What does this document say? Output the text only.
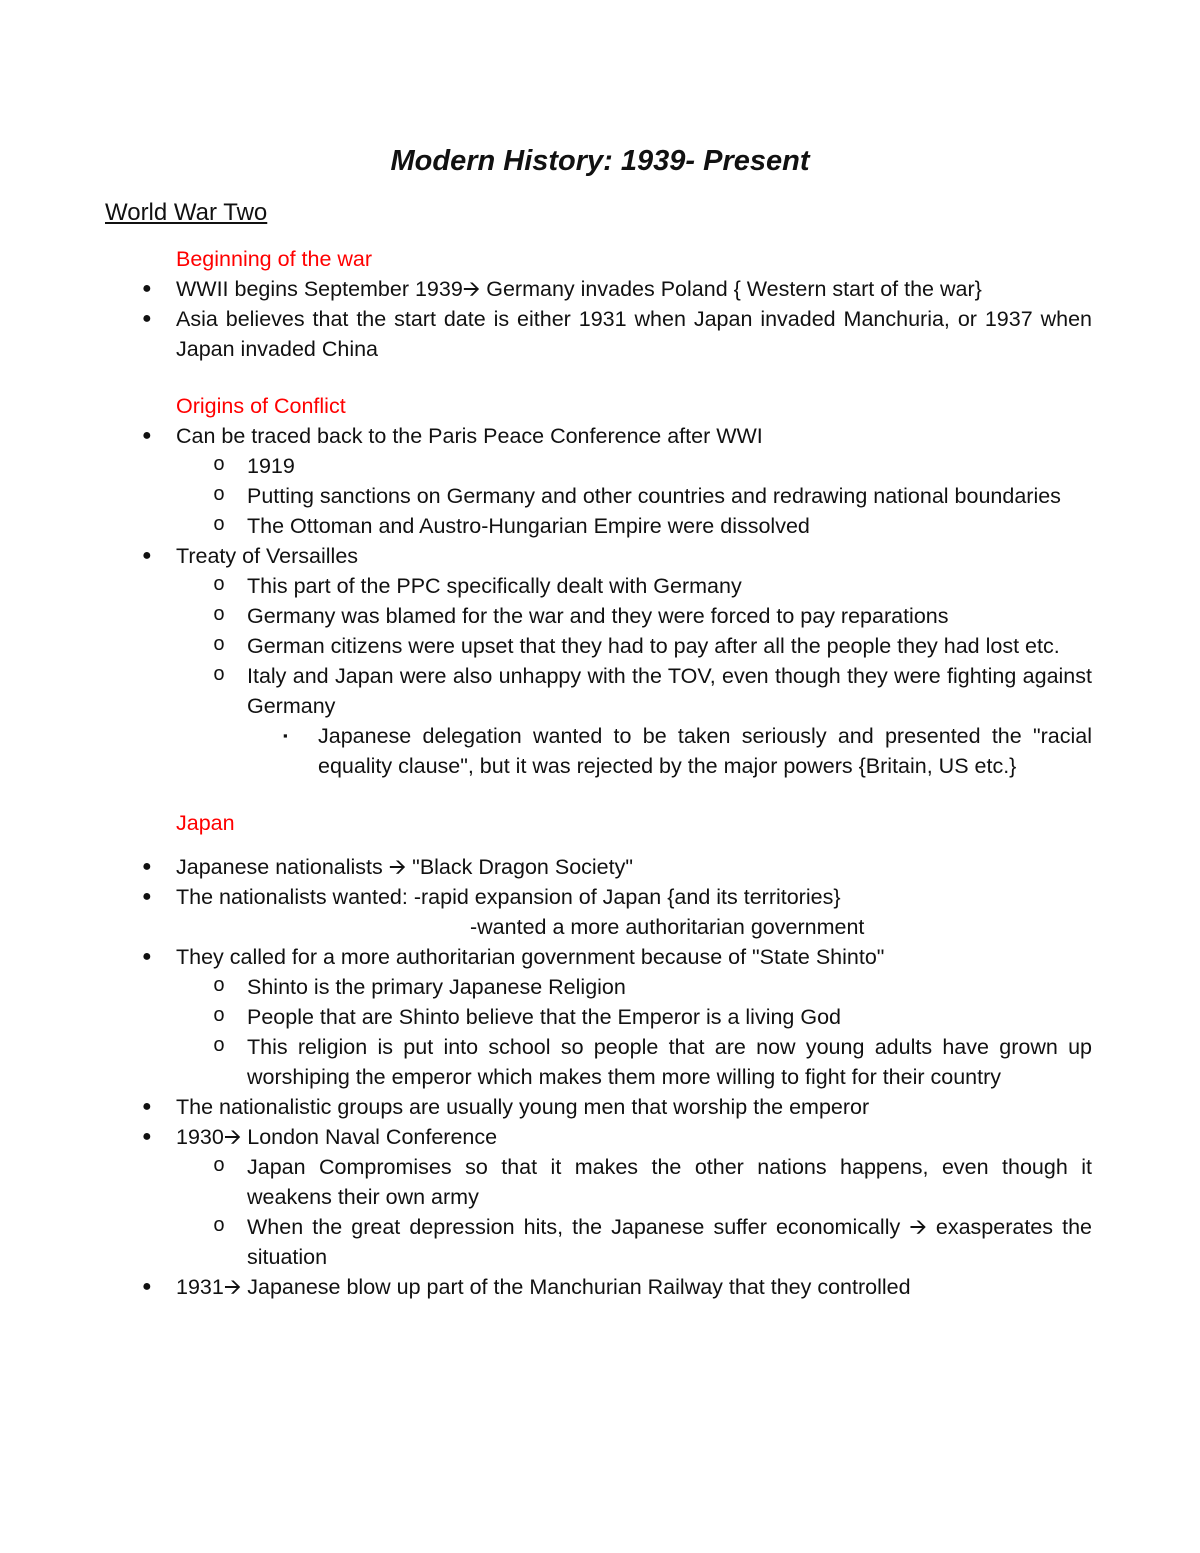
Modern History: 1939- Present
World War Two
Beginning of the war
● WWII begins September 1939🡪 Germany invades Poland { Western start of the war}
● Asia believes that the start date is either 1931 when Japan invaded Manchuria, or 1937 when Japan invaded China
Origins of Conflict
● Can be traced back to the Paris Peace Conference after WWI
o 1919
o Putting sanctions on Germany and other countries and redrawing national boundaries
o The Ottoman and Austro-Hungarian Empire were dissolved
● Treaty of Versailles
o This part of the PPC specifically dealt with Germany
o Germany was blamed for the war and they were forced to pay reparations
o German citizens were upset that they had to pay after all the people they had lost etc.
o Italy and Japan were also unhappy with the TOV, even though they were fighting against Germany
▪ Japanese delegation wanted to be taken seriously and presented the "racial equality clause", but it was rejected by the major powers {Britain, US etc.}
Japan
● Japanese nationalists 🡪 "Black Dragon Society"
● The nationalists wanted: -rapid expansion of Japan {and its territories}
-wanted a more authoritarian government
● They called for a more authoritarian government because of "State Shinto"
o Shinto is the primary Japanese Religion
o People that are Shinto believe that the Emperor is a living God
o This religion is put into school so people that are now young adults have grown up worshiping the emperor which makes them more willing to fight for their country
● The nationalistic groups are usually young men that worship the emperor
● 1930🡪 London Naval Conference
o Japan Compromises so that it makes the other nations happens, even though it weakens their own army
o When the great depression hits, the Japanese suffer economically 🡪 exasperates the situation
● 1931🡪 Japanese blow up part of the Manchurian Railway that they controlled
